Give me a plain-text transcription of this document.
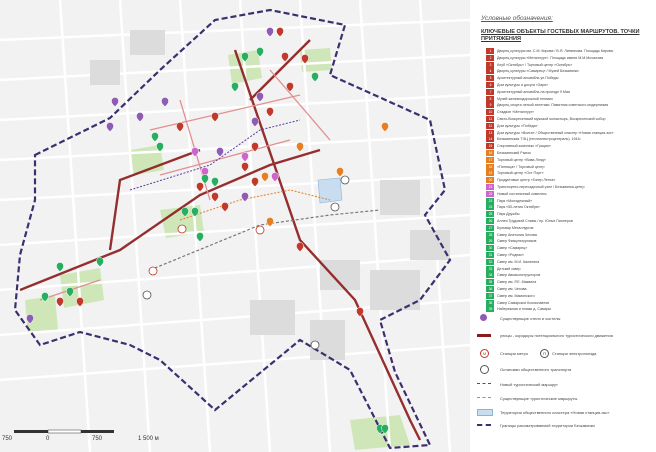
750	0	750	1 500 м
Условные обозначения:
КЛЮЧЕВЫЕ ОБЪЕКТЫ ГОСТЕВЫХ МАРШРУТОВ. ТОЧКИ ПРИТЯЖЕНИЯ
1	Дворец культуры им. С.М. Кирова / В.Я. Литвинова. Площадь Кирова.
2	Дворец культуры «Металлург». Площадь имени М.М.Мочалова
3	Клуб «Октябрь» / Торговый центр «Октябрь»
4	Дворец культуры «Самарец» / Музей Безымянки
5	Архитектурный ансамбль ул.Победы
6	Дом культуры и досуга «Заря»
7	Архитектурный ансамбль на проезде 9 Мая
8	Музей железнодорожной техники
9	Дворец спорта легкой атлетики. Памятник советского модернизма
10	Стадион «Металлург»
11	Свято-Воскресенский мужской монастырь, Воскресенский собор
12	Дом культуры «Победа»
13	Дом культуры «Волга» / Общественный кластер «Новая станция-экс»
14	Безымянская ТЭЦ (теплоэлектроцентраль). 1941г.
15	Спортивный комплекс «Грация»
16	Безымянский Рынок
17	Торговый центр «Вива Лэнд»
18	«Пятница» / Торговый центр
19	Торговый центр «Ост Порт»
20	Продуктовые центр «Гипер Лента»
21	Транспортно-пересадочный узел / Безымянка-центр
22	Новый гостиничный комплекс
23	Парк «Молодежный»
24	Парк «50-летия Октября»
25	Парк Дружбы
26	Аллея Трудовой Славы / пр. Юных Пионеров
27	Бульвар Металлургов
28	Сквер Анатолия Чехова
29	Сквер Физкультурников
30	Сквер «Самарец»
31	Сквер «Родник»
32	Сквер им. М.И. Калинина
33	Детский сквер
34	Сквер Авиаконструкторов
35	Сквер им. Р.Е. Маквила
36	Сквер им. Чехова
37	Сквер им. Мамонского
38	Сквер Самарских Космонавтов
39	Набережная и пляжи д. Самары
Существующие отели и хостелы
улицы - коридоры потенциального туристического движения
M	Станции метро	П	Станции электропоезда
Остановки общественного транспорта
Новый туристический маршрут
Существующие туристические маршруты
Территория общественного кластера «Новая станция-экс»
Границы рассматриваемой территории Безымянки
